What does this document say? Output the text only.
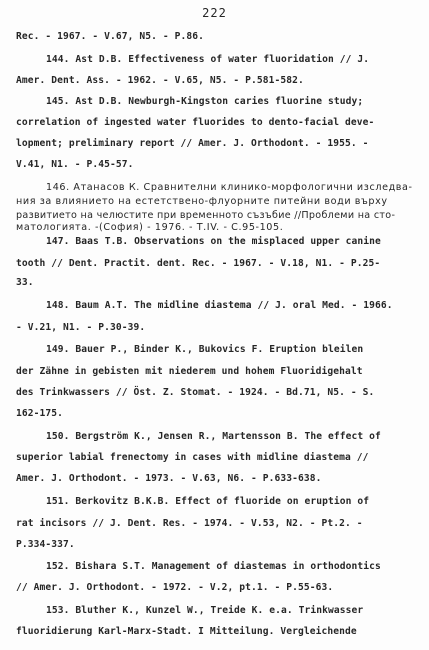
222
Rec. - 1967. - V.67, N5. - P.86.
144. Ast D.B. Effectiveness of water fluoridation // J.
Amer. Dent. Ass. - 1962. - V.65, N5. - P.581-582.
145. Ast D.B. Newburgh-Kingston caries fluorine study;
correlation of ingested water fluorides to dento-facial deve-
lopment; preliminary report // Amer. J. Orthodont. - 1955. -
V.41, N1. - P.45-57.
146. Атанасов К. Сравнителни клинико-морфологични изследва-
ния за влиянието на естетствено-флуорните питейни води върху
развитието на челюстите при временното съзъбие //Проблеми на сто-
матологията. -(София) - 1976. - Т.IV. - С.95-105.
147. Baas T.B. Observations on the misplaced upper canine
tooth // Dent. Practit. dent. Rec. - 1967. - V.18, N1. - P.25-
33.
148. Baum A.T. The midline diastema // J. oral Med. - 1966.
- V.21, N1. - P.30-39.
149. Bauer P., Binder K., Bukovics F. Eruption bleilen
der Zähne in gebisten mit niederem und hohem Fluoridigehalt
des Trinkwassers // Öst. Z. Stomat. - 1924. - Bd.71, N5. - S.
162-175.
150. Bergström K., Jensen R., Martensson B. The effect of
superior labial frenectomy in cases with midline diastema //
Amer. J. Orthodont. - 1973. - V.63, N6. - P.633-638.
151. Berkovitz B.K.B. Effect of fluoride on eruption of
rat incisors // J. Dent. Res. - 1974. - V.53, N2. - Pt.2. -
P.334-337.
152. Bishara S.T. Management of diastemas in orthodontics
// Amer. J. Orthodont. - 1972. - V.2, pt.1. - P.55-63.
153. Bluther K., Kunzel W., Treide K. e.a. Trinkwasser
fluoridierung Karl-Marx-Stadt. I Mitteilung. Vergleichende
